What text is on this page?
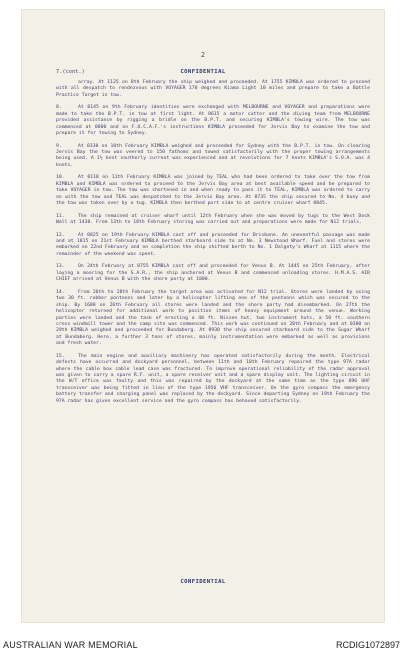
2
7.(cont.)	CONFIDENTIAL

array. At 1125 on 8th February the ship weighed and proceeded. At 1755 KIMBLA was ordered to proceed with all despatch to rendezvous with VOYAGER 170 degrees Kiama Light 10 miles and prepare to take a Battle Practice Target in tow.

8.	At 0145 on 9th February identities were exchanged with MELBOURNE and VOYAGER and preparations were made to take the B.P.T. in tow at first light. At 0615 a motor cutter and the diving team from MELBOURNE provided assistance by rigging a bridle on the B.P.T. and securing KIMBLA's towing wire. The tow was commenced at 0800 and on F.O.C.A.F.'s instructions KIMBLA proceeded for Jervis Bay to examine the tow and prepare it for towing to Sydney.

9.	At 0330 on 10th February KIMBLA weighed and proceeded for Sydney with the B.P.T. in tow. On clearing Jervis Bay the tow was veered to 150 fathoms and towed satisfactorily with the proper towing arrangements being used. A 1½ knot southerly current was experienced and at revolutions for 7 knots KIMBLA's S.O.A. was 4 knots.

10.	At 0110 on 11th February KIMBLA was joined by TEAL who had been ordered to take over the tow from KIMBLA and KIMBLA was ordered to proceed to the Jervis Bay area at best available speed and be prepared to take VOYAGER in tow. The tow was shortened in and when ready to pass it to TEAL, KIMBLA was ordered to carry on with the tow and TEAL was despatched to the Jervis Bay area. At 0735 the ship secured to No. 4 buoy and the tow was taken over by a tug. KIMBLA then berthed port side to at centre cruiser wharf 0845.

11.	The ship remained at cruiser wharf until 12th February when she was moved by tugs to the West Dock Wall at 1430. From 13th to 18th February storing was carried out and preparations were made for N12 trials.

12.	At 0825 on 19th February KIMBLA cast off and proceeded for Brisbane. An uneventful passage was made and at 1815 on 21st February KIMBLA berthed starboard side to at No. 3 Newstead Wharf. Fuel and stores were embarked on 22nd February and on completion the ship shifted berth to No. 1 Dalgety's Wharf at 1115 where the remainder of the weekend was spent.

13.	On 24th February at 0755 KIMBLA cast off and proceeded for Venus B. At 1445 on 25th February, after laying a mooring for the S.A.R., the ship anchored at Venus B and commenced unloading stores. H.M.A.S. AIR CHIEF arrived at Venus B with the shore party at 1800.

14.	From 26th to 28th February the target area was activated for N12 trial. Stores were landed by using two 30 ft. rubber pontoons and later by a helicopter lifting one of the pontoons which was secured to the ship. By 1600 on 26th February all stores were landed and the shore party had disembarked. On 27th the helicopter returned for additional work to position items of heavy equipment around the venue. Working parties were landed and the task of erecting a 48 ft. Nissen hut, two instrument huts, a 50 ft. southern cross windmill tower and the camp site was commenced. This work was continued on 28th February and at 0300 on 29th KIMBLA weighed and proceeded for Bundaberg. At 0930 the ship secured starboard side to the Sugar Wharf at Bundaberg. Here, a further 3 tons of stores, mainly instrumentation were embarked as well as provisions and fresh water.

15.	The main engine and auxiliary machinery has operated satisfactorily during the month. Electrical defects have occurred and dockyard personnel, between 11th and 18th February repaired the type 97A radar where the cable box cable lead case was fractured. To improve operational reliability of the radar approval was given to carry a spare R.F. unit, a spare receiver unit and a spare display unit. The lighting circuit in the W/T office was faulty and this was repaired by the dockyard at the same time as the type 696 UHF transceiver was being fitted in lieu of the type 1956 VHF transceiver. On the gyro compass the emergency battery transfer and charging panel was replaced by the dockyard. Since departing Sydney on 19th February the 97A radar has given excellent service and the gyro compass has behaved satisfactorily.

CONFIDENTIAL
AUSTRALIAN WAR MEMORIAL	RCDIG1072897
